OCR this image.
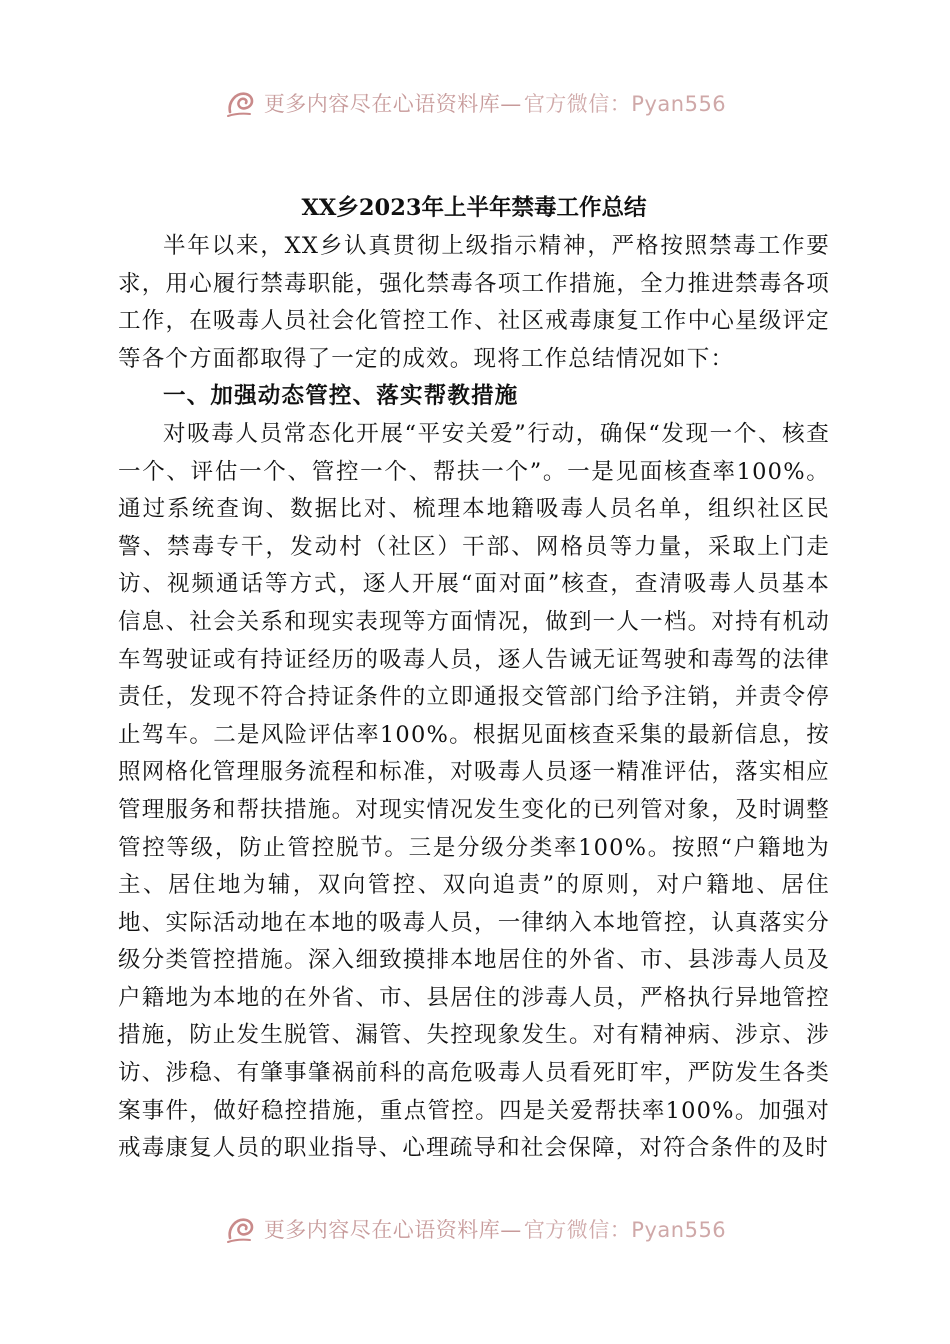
更多内容尽在心语资料库— 官方微信：Pyan556
XX乡2023年上半年禁毒工作总结

半年以来，XX乡认真贯彻上级指示精神，严格按照禁毒工作要求，用心履行禁毒职能，强化禁毒各项工作措施，全力推进禁毒各项工作，在吸毒人员社会化管控工作、社区戒毒康复工作中心星级评定等各个方面都取得了一定的成效。现将工作总结情况如下：

一、加强动态管控、落实帮教措施

对吸毒人员常态化开展“平安关爱”行动，确保“发现一个、核查一个、评估一个、管控一个、帮扶一个”。一是见面核查率100%。通过系统查询、数据比对、梳理本地籍吸毒人员名单，组织社区民警、禁毒专干，发动村（社区）干部、网格员等力量，采取上门走访、视频通话等方式，逐人开展“面对面”核查，查清吸毒人员基本信息、社会关系和现实表现等方面情况，做到一人一档。对持有机动车驾驶证或有持证经历的吸毒人员，逐人告诫无证驾驶和毒驾的法律责任，发现不符合持证条件的立即通报交管部门给予注销，并责令停止驾车。二是风险评估率100%。根据见面核查采集的最新信息，按照网格化管理服务流程和标准，对吸毒人员逐一精准评估，落实相应管理服务和帮扶措施。对现实情况发生变化的已列管对象，及时调整管控等级，防止管控脱节。三是分级分类率100%。按照“户籍地为主、居住地为辅，双向管控、双向追责”的原则，对户籍地、居住地、实际活动地在本地的吸毒人员，一律纳入本地管控，认真落实分级分类管控措施。深入细致摸排本地居住的外省、市、县涉毒人员及户籍地为本地的在外省、市、县居住的涉毒人员，严格执行异地管控措施，防止发生脱管、漏管、失控现象发生。对有精神病、涉京、涉访、涉稳、有肇事肇祸前科的高危吸毒人员看死盯牢，严防发生各类案事件，做好稳控措施，重点管控。四是关爱帮扶率100%。加强对戒毒康复人员的职业指导、心理疏导和社会保障，对符合条件的及时

更多内容尽在心语资料库— 官方微信：Pyan556
